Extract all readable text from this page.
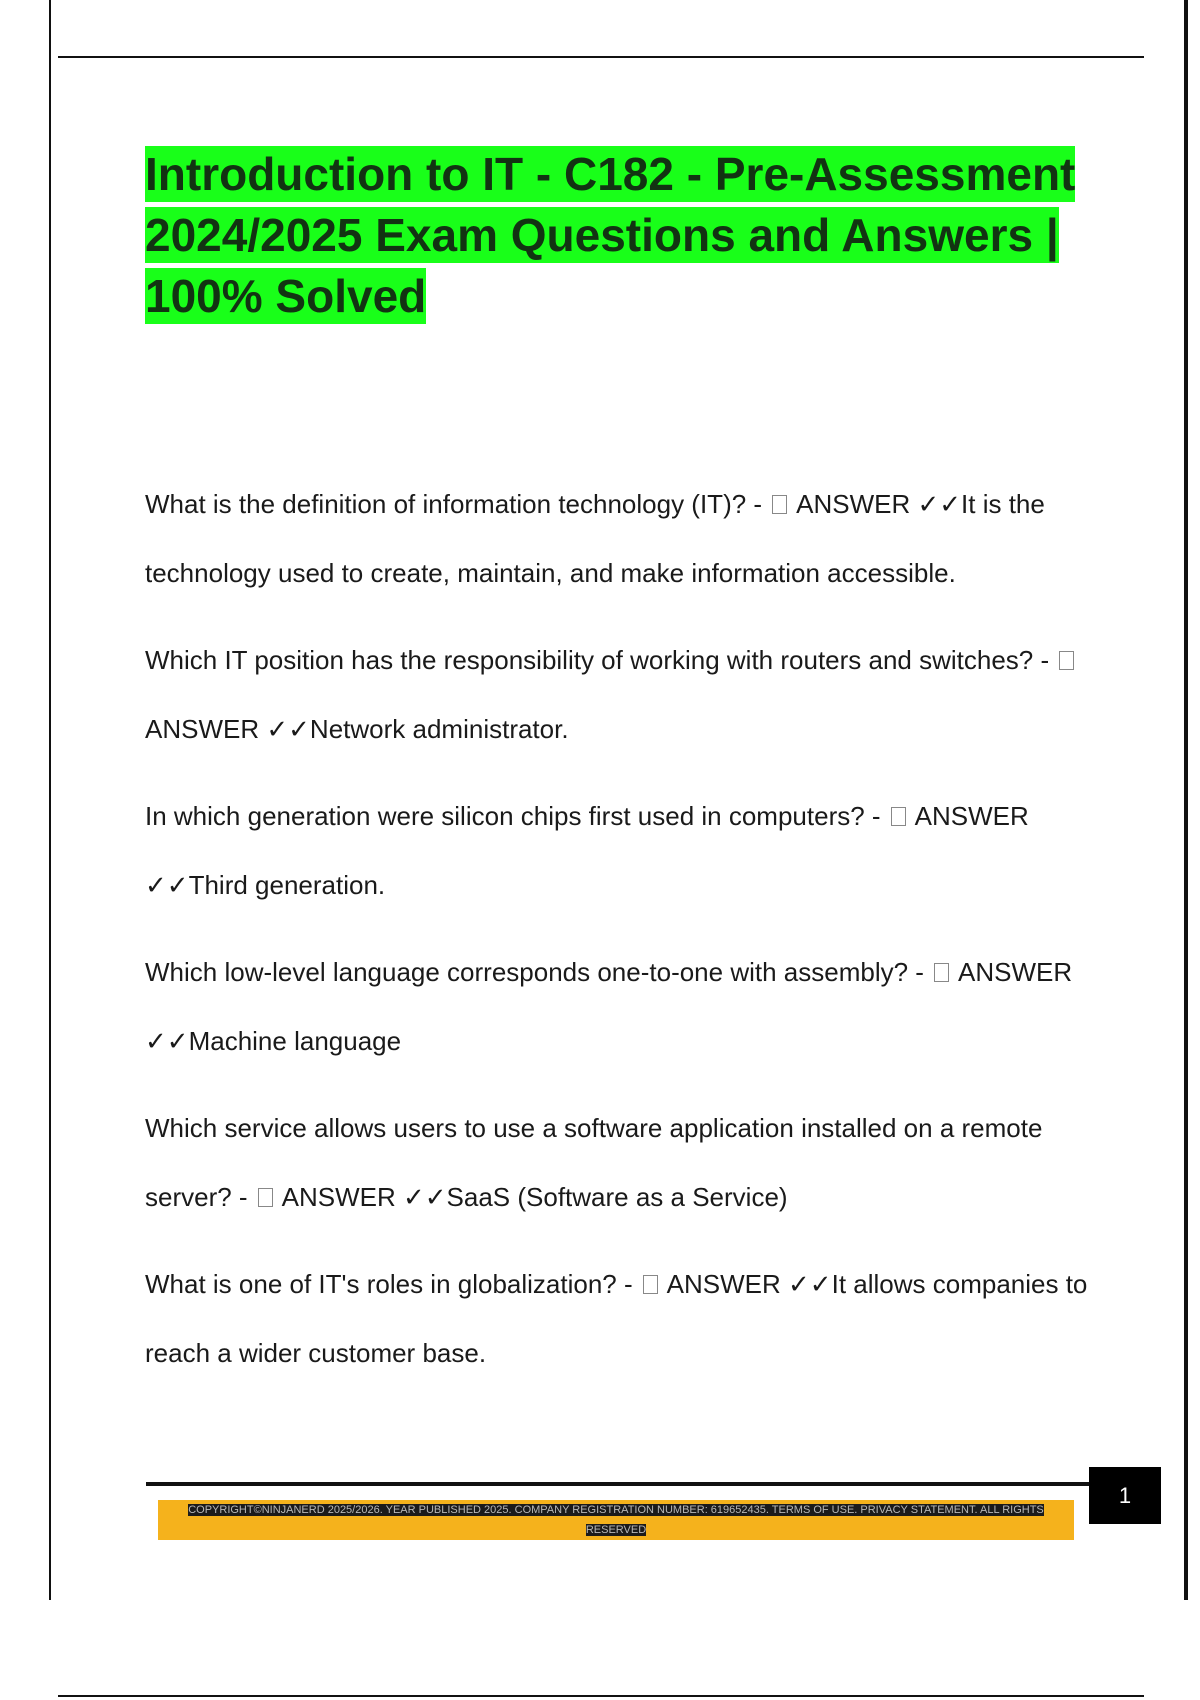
Introduction to IT - C182 - Pre-Assessment 2024/2025 Exam Questions and Answers | 100% Solved

What is the definition of information technology (IT)? - ANSWER ✓✓It is the technology used to create, maintain, and make information accessible.

Which IT position has the responsibility of working with routers and switches? -  ANSWER ✓✓Network administrator.

In which generation were silicon chips first used in computers? - ANSWER ✓✓Third generation.

Which low-level language corresponds one-to-one with assembly? - ANSWER ✓✓Machine language

Which service allows users to use a software application installed on a remote server? - ANSWER ✓✓SaaS (Software as a Service)

What is one of IT's roles in globalization? - ANSWER ✓✓It allows companies to reach a wider customer base.

1
COPYRIGHT©NINJANERD 2025/2026. YEAR PUBLISHED 2025. COMPANY REGISTRATION NUMBER: 619652435. TERMS OF USE. PRIVACY STATEMENT. ALL RIGHTS RESERVED
